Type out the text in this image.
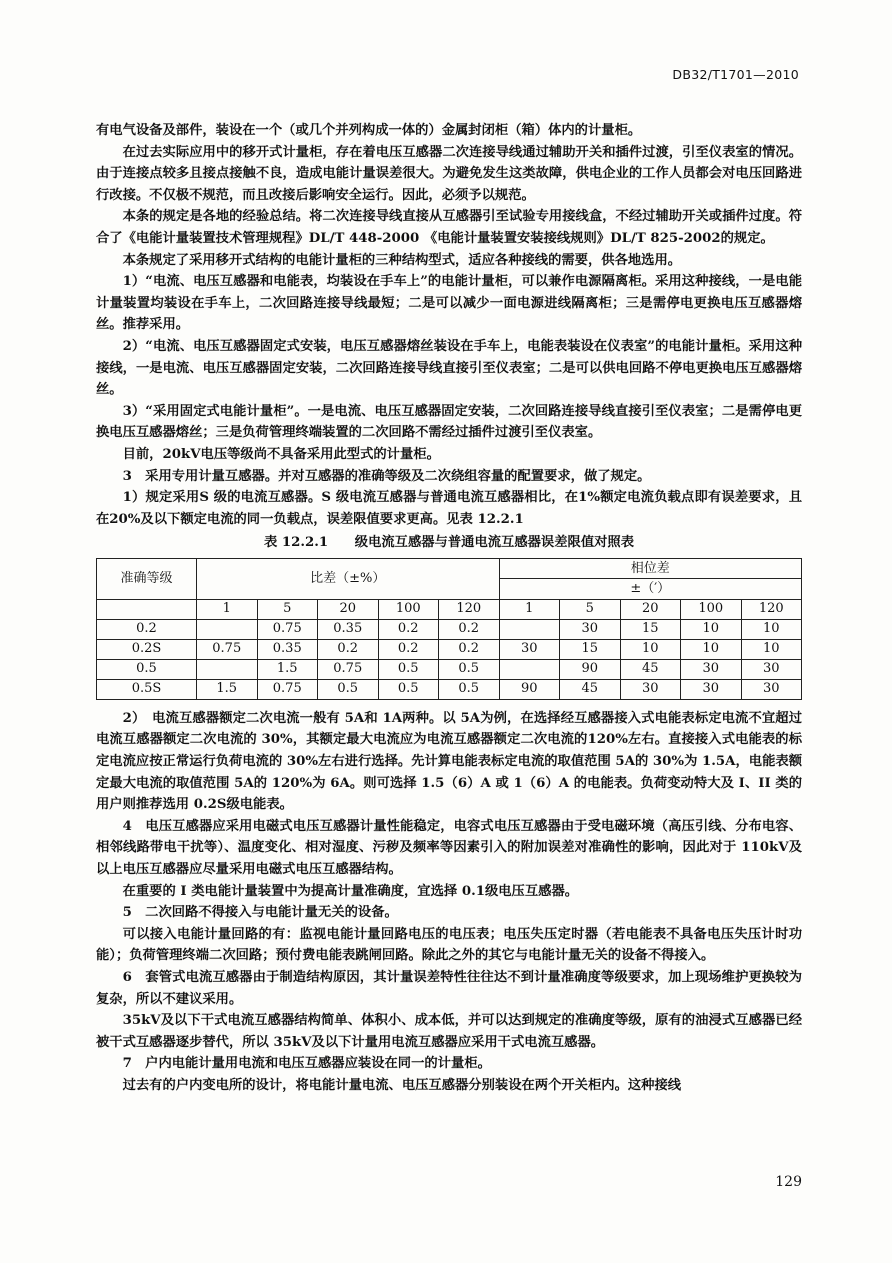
DB32/T1701—2010

有电气设备及部件，装设在一个（或几个并列构成一体的）金属封闭柜（箱）体内的计量柜。

在过去实际应用中的移开式计量柜，存在着电压互感器二次连接导线通过辅助开关和插件过渡，引至仪表室的情况。由于连接点较多且接点接触不良，造成电能计量误差很大。为避免发生这类故障，供电企业的工作人员都会对电压回路进行改接。不仅极不规范，而且改接后影响安全运行。因此，必须予以规范。

本条的规定是各地的经验总结。将二次连接导线直接从互感器引至试验专用接线盒，不经过辅助开关或插件过度。符合了《电能计量装置技术管理规程》DL/T 448-2000 《电能计量装置安装接线规则》DL/T 825-2002的规定。

本条规定了采用移开式结构的电能计量柜的三种结构型式，适应各种接线的需要，供各地选用。

1）“电流、电压互感器和电能表，均装设在手车上”的电能计量柜，可以兼作电源隔离柜。采用这种接线，一是电能计量装置均装设在手车上，二次回路连接导线最短；二是可以减少一面电源进线隔离柜；三是需停电更换电压互感器熔丝。推荐采用。

2）“电流、电压互感器固定式安装，电压互感器熔丝装设在手车上，电能表装设在仪表室”的电能计量柜。采用这种接线，一是电流、电压互感器固定安装，二次回路连接导线直接引至仪表室；二是可以供电回路不停电更换电压互感器熔丝。

3）“采用固定式电能计量柜”。一是电流、电压互感器固定安装，二次回路连接导线直接引至仪表室；二是需停电更换电压互感器熔丝；三是负荷管理终端装置的二次回路不需经过插件过渡引至仪表室。

目前，20kV电压等级尚不具备采用此型式的计量柜。

3　采用专用计量互感器。并对互感器的准确等级及二次绕组容量的配置要求，做了规定。

1）规定采用S 级的电流互感器。S 级电流互感器与普通电流互感器相比，在1%额定电流负载点即有误差要求，且在20%及以下额定电流的同一负载点，误差限值要求更高。见表 12.2.1

表 12.2.1　　级电流互感器与普通电流互感器误差限值对照表
准确等级	比差（±%）					相位差				
						±（′）				
	1	5	20	100	120	1	5	20	100	120
0.2		0.75	0.35	0.2	0.2		30	15	10	10
0.2S	0.75	0.35	0.2	0.2	0.2	30	15	10	10	10
0.5		1.5	0.75	0.5	0.5		90	45	30	30
0.5S	1.5	0.75	0.5	0.5	0.5	90	45	30	30	30

2）　电流互感器额定二次电流一般有 5A和 1A两种。以 5A为例，在选择经互感器接入式电能表标定电流不宜超过电流互感器额定二次电流的 30%，其额定最大电流应为电流互感器额定二次电流的120%左右。直接接入式电能表的标定电流应按正常运行负荷电流的 30%左右进行选择。先计算电能表标定电流的取值范围 5A的 30%为 1.5A，电能表额定最大电流的取值范围 5A的 120%为 6A。则可选择 1.5（6）A 或 1（6）A 的电能表。负荷变动特大及 I、II 类的用户则推荐选用 0.2S级电能表。

4　电压互感器应采用电磁式电压互感器计量性能稳定，电容式电压互感器由于受电磁环境（高压引线、分布电容、相邻线路带电干扰等）、温度变化、相对湿度、污秽及频率等因素引入的附加误差对准确性的影响，因此对于 110kV及以上电压互感器应尽量采用电磁式电压互感器结构。

在重要的 I 类电能计量装置中为提高计量准确度，宜选择 0.1级电压互感器。

5　二次回路不得接入与电能计量无关的设备。

可以接入电能计量回路的有：监视电能计量回路电压的电压表；电压失压定时器（若电能表不具备电压失压计时功能）；负荷管理终端二次回路；预付费电能表跳闸回路。除此之外的其它与电能计量无关的设备不得接入。

6　套管式电流互感器由于制造结构原因，其计量误差特性往往达不到计量准确度等级要求，加上现场维护更换较为复杂，所以不建议采用。

35kV及以下干式电流互感器结构简单、体积小、成本低，并可以达到规定的准确度等级，原有的油浸式互感器已经被干式互感器逐步替代，所以 35kV及以下计量用电流互感器应采用干式电流互感器。

7　户内电能计量用电流和电压互感器应装设在同一的计量柜。

过去有的户内变电所的设计，将电能计量电流、电压互感器分别装设在两个开关柜内。这种接线

129
